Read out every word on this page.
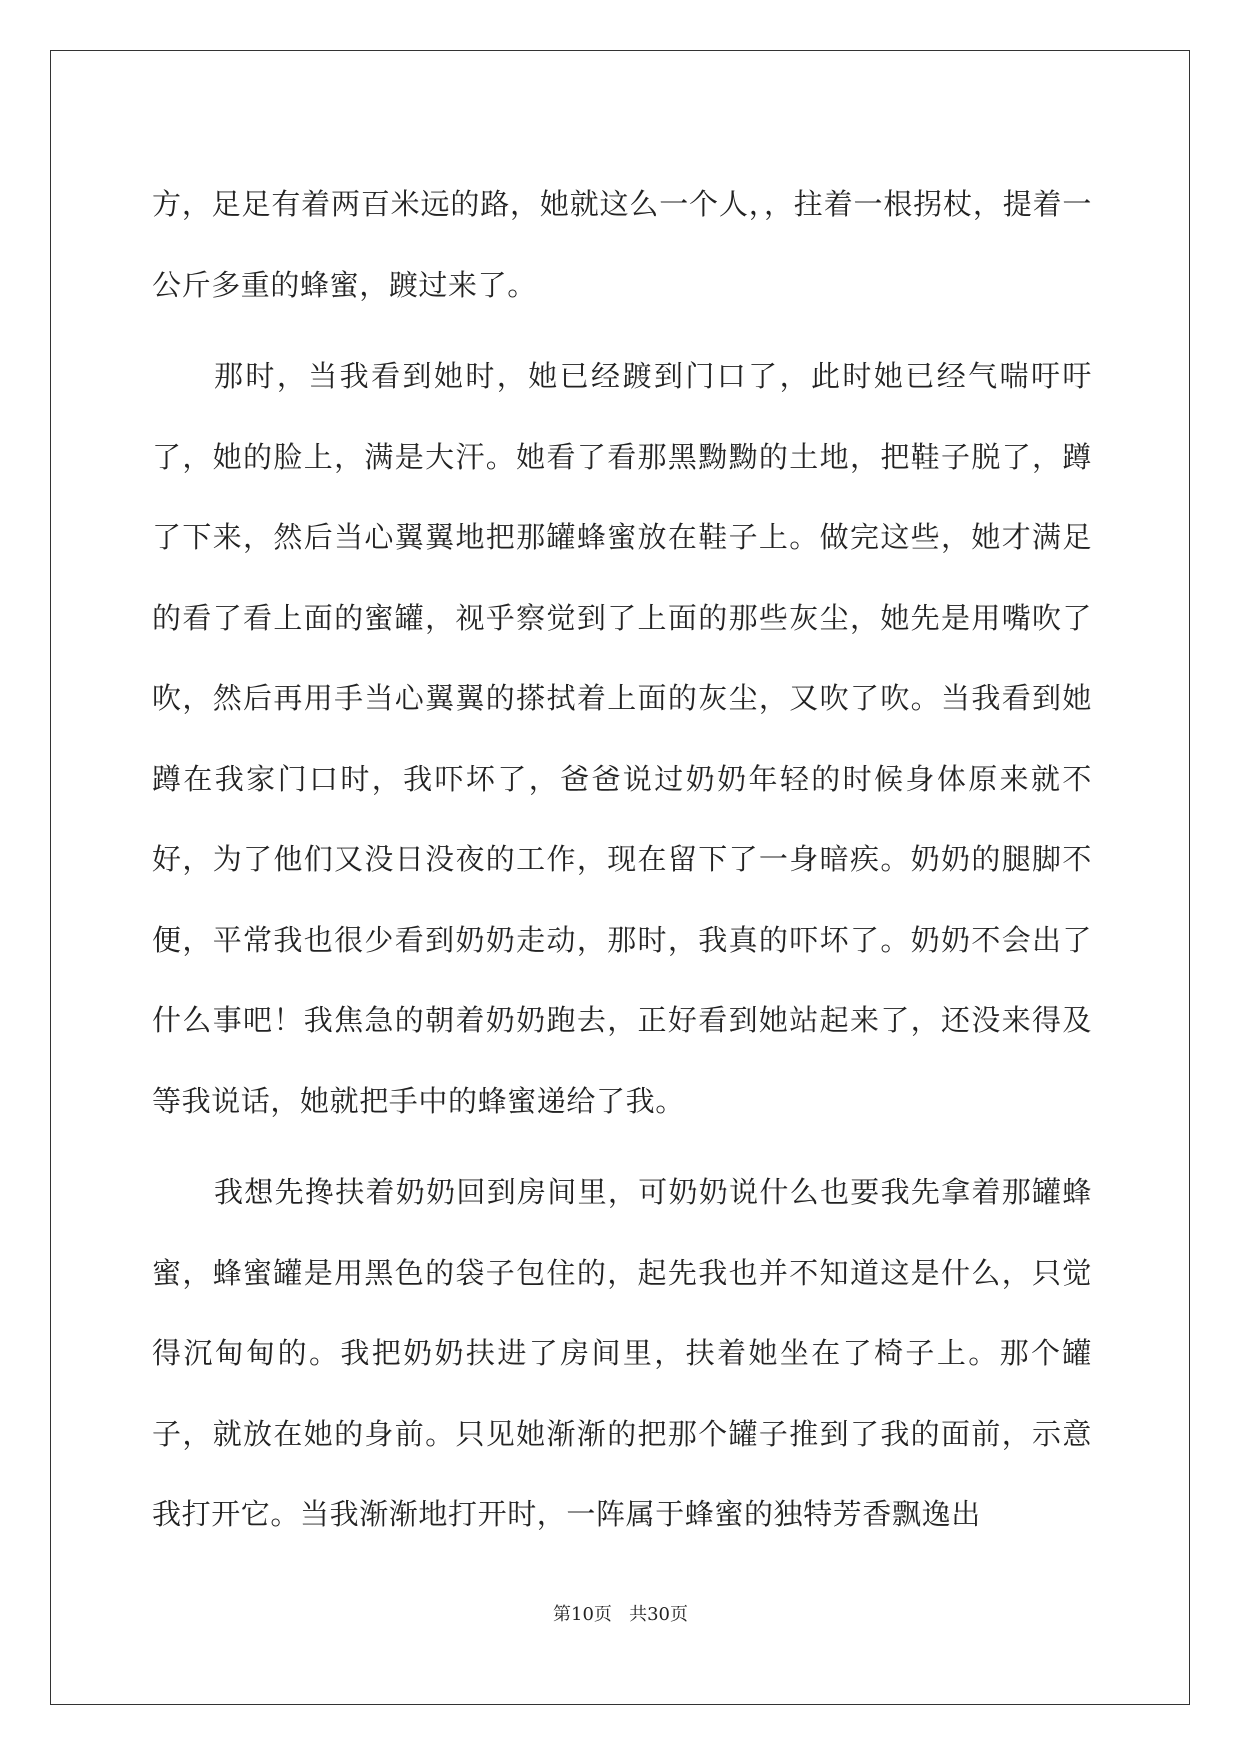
方，足足有着两百米远的路，她就这么一个人，，拄着一根拐杖，提着一公斤多重的蜂蜜，踱过来了。

那时，当我看到她时，她已经踱到门口了，此时她已经气喘吁吁了，她的脸上，满是大汗。她看了看那黑黝黝的土地，把鞋子脱了，蹲了下来，然后当心翼翼地把那罐蜂蜜放在鞋子上。做完这些，她才满足的看了看上面的蜜罐，视乎察觉到了上面的那些灰尘，她先是用嘴吹了吹，然后再用手当心翼翼的搽拭着上面的灰尘，又吹了吹。当我看到她蹲在我家门口时，我吓坏了，爸爸说过奶奶年轻的时候身体原来就不好，为了他们又没日没夜的工作，现在留下了一身暗疾。奶奶的腿脚不便，平常我也很少看到奶奶走动，那时，我真的吓坏了。奶奶不会出了什么事吧！我焦急的朝着奶奶跑去，正好看到她站起来了，还没来得及等我说话，她就把手中的蜂蜜递给了我。

我想先搀扶着奶奶回到房间里，可奶奶说什么也要我先拿着那罐蜂蜜，蜂蜜罐是用黑色的袋子包住的，起先我也并不知道这是什么，只觉得沉甸甸的。我把奶奶扶进了房间里，扶着她坐在了椅子上。那个罐子，就放在她的身前。只见她渐渐的把那个罐子推到了我的面前，示意我打开它。当我渐渐地打开时，一阵属于蜂蜜的独特芳香飘逸出

第10页 共30页
